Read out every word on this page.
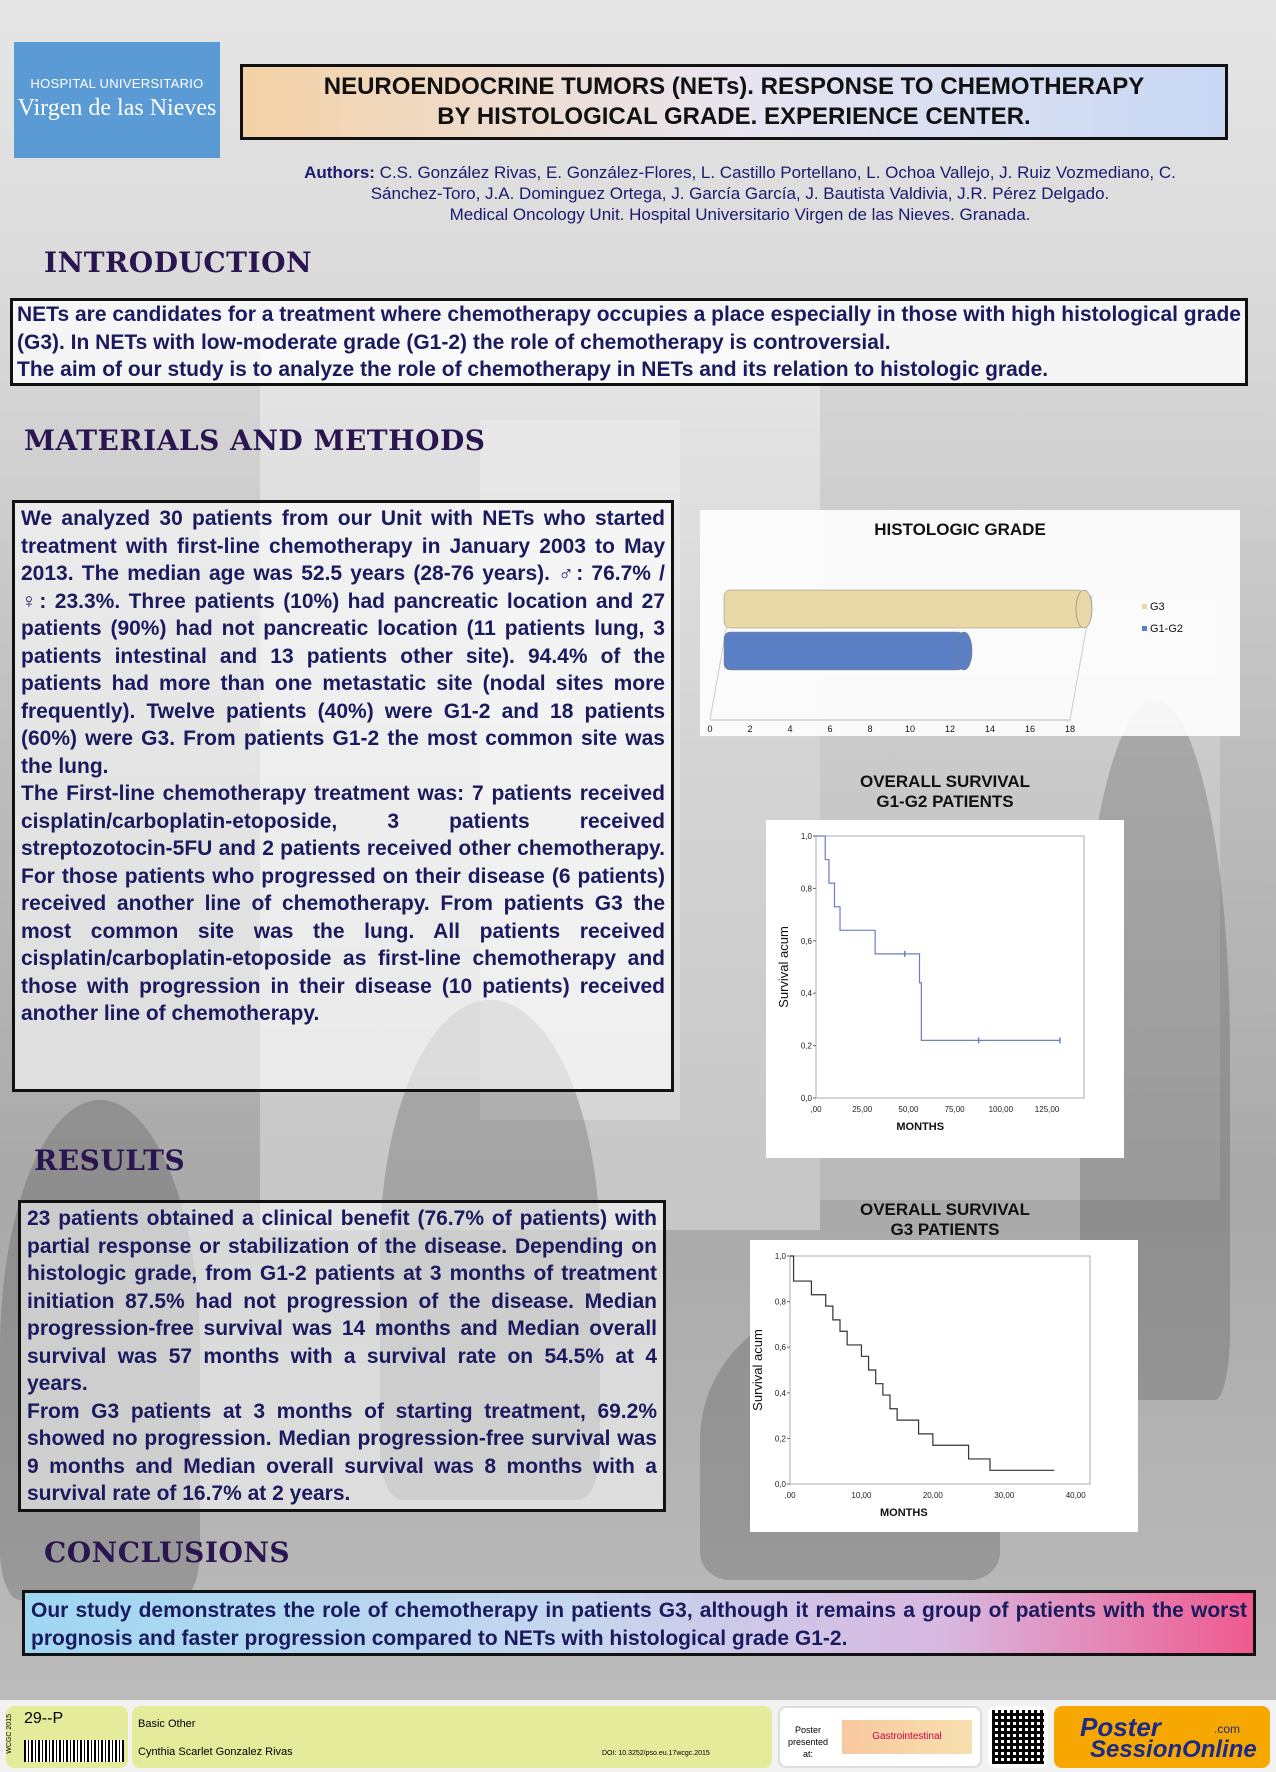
HOSPITAL UNIVERSITARIO
Virgen de las Nieves
NEUROENDOCRINE TUMORS (NETs). RESPONSE TO CHEMOTHERAPY
BY HISTOLOGICAL GRADE. EXPERIENCE CENTER.
Authors: C.S. González Rivas, E. González-Flores, L. Castillo Portellano, L. Ochoa Vallejo, J. Ruiz Vozmediano, C.
Sánchez-Toro, J.A. Dominguez Ortega, J. García García, J. Bautista Valdivia, J.R. Pérez Delgado.
Medical Oncology Unit. Hospital Universitario Virgen de las Nieves. Granada.
INTRODUCTION
NETs are candidates for a treatment where chemotherapy occupies a place especially in those with high histological grade (G3). In NETs with low-moderate grade (G1-2) the role of chemotherapy is controversial.
The aim of our study is to analyze the role of chemotherapy in NETs and its relation to histologic grade.
MATERIALS AND METHODS
We analyzed 30 patients from our Unit with NETs who started treatment with first-line chemotherapy in January 2003 to May 2013. The median age was 52.5 years (28-76 years). ♂: 76.7% / ♀: 23.3%. Three patients (10%) had pancreatic location and 27 patients (90%) had not pancreatic location (11 patients lung, 3 patients intestinal and 13 patients other site). 94.4% of the patients had more than one metastatic site (nodal sites more frequently). Twelve patients (40%) were G1-2 and 18 patients (60%) were G3. From patients G1-2 the most common site was the lung.
The First-line chemotherapy treatment was: 7 patients received cisplatin/carboplatin-etoposide, 3 patients received streptozotocin-5FU and 2 patients received other chemotherapy. For those patients who progressed on their disease (6 patients) received another line of chemotherapy. From patients G3 the most common site was the lung. All patients received cisplatin/carboplatin-etoposide as first-line chemotherapy and those with progression in their disease (10 patients) received another line of chemotherapy.
RESULTS
23 patients obtained a clinical benefit (76.7% of patients) with partial response or stabilization of the disease. Depending on histologic grade, from G1-2 patients at 3 months of treatment initiation 87.5% had not progression of the disease. Median progression-free survival was 14 months and Median overall survival was 57 months with a survival rate on 54.5% at 4 years.
From G3 patients at 3 months of starting treatment, 69.2% showed no progression. Median progression-free survival was 9 months and Median overall survival was 8 months with a survival rate of 16.7% at 2 years.
CONCLUSIONS
Our study demonstrates the role of chemotherapy in patients G3, although it remains a group of patients with the worst prognosis and faster progression compared to NETs with histological grade G1-2.
HISTOLOGIC GRADE
0	2	4	6	8	10	12	14	16	18
G3
G1-G2
OVERALL SURVIVAL
G1-G2 PATIENTS
0,0
0,2
0,4
0,6
0,8
1,0
,00	25,00	50,00	75,00	100,00	125,00
MONTHS
Survival acum
OVERALL SURVIVAL
G3 PATIENTS
0,0
0,2
0,4
0,6
0,8
1,0
,00	10,00	20,00	30,00	40,00
MONTHS
Survival acum
WCGC 2015 29--P	Basic Other
Cynthia Scarlet Gonzalez Rivas	DOI: 10.3252/pso.eu.17wcgc.2015
Poster
presented at:
Gastrointestinal	Poster	.com
SessionOnline
